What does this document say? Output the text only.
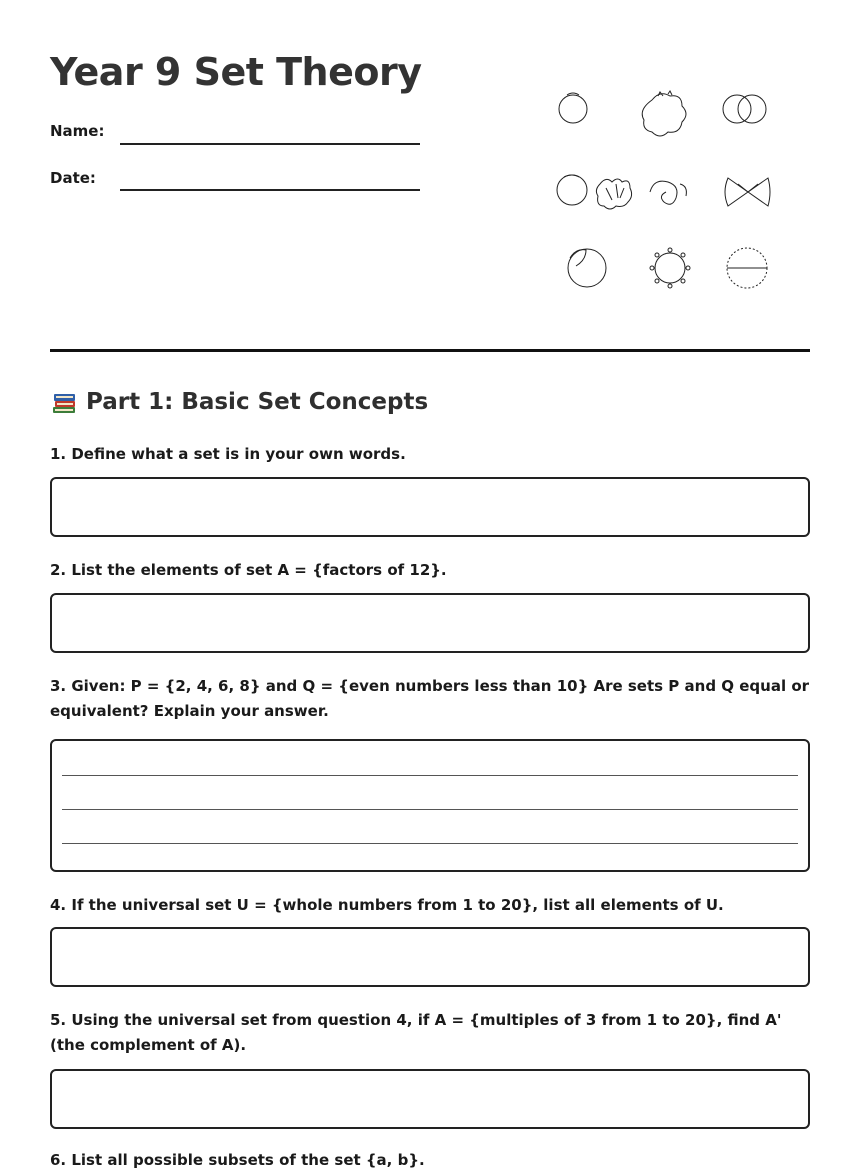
Year 9 Set Theory
Name:
Date:
Part 1: Basic Set Concepts

1. Define what a set is in your own words.

2. List the elements of set A = {factors of 12}.

3. Given: P = {2, 4, 6, 8} and Q = {even numbers less than 10} Are sets P and Q equal or equivalent? Explain your answer.

4. If the universal set U = {whole numbers from 1 to 20}, list all elements of U.

5. Using the universal set from question 4, if A = {multiples of 3 from 1 to 20}, find A' (the complement of A).

6. List all possible subsets of the set {a, b}.
